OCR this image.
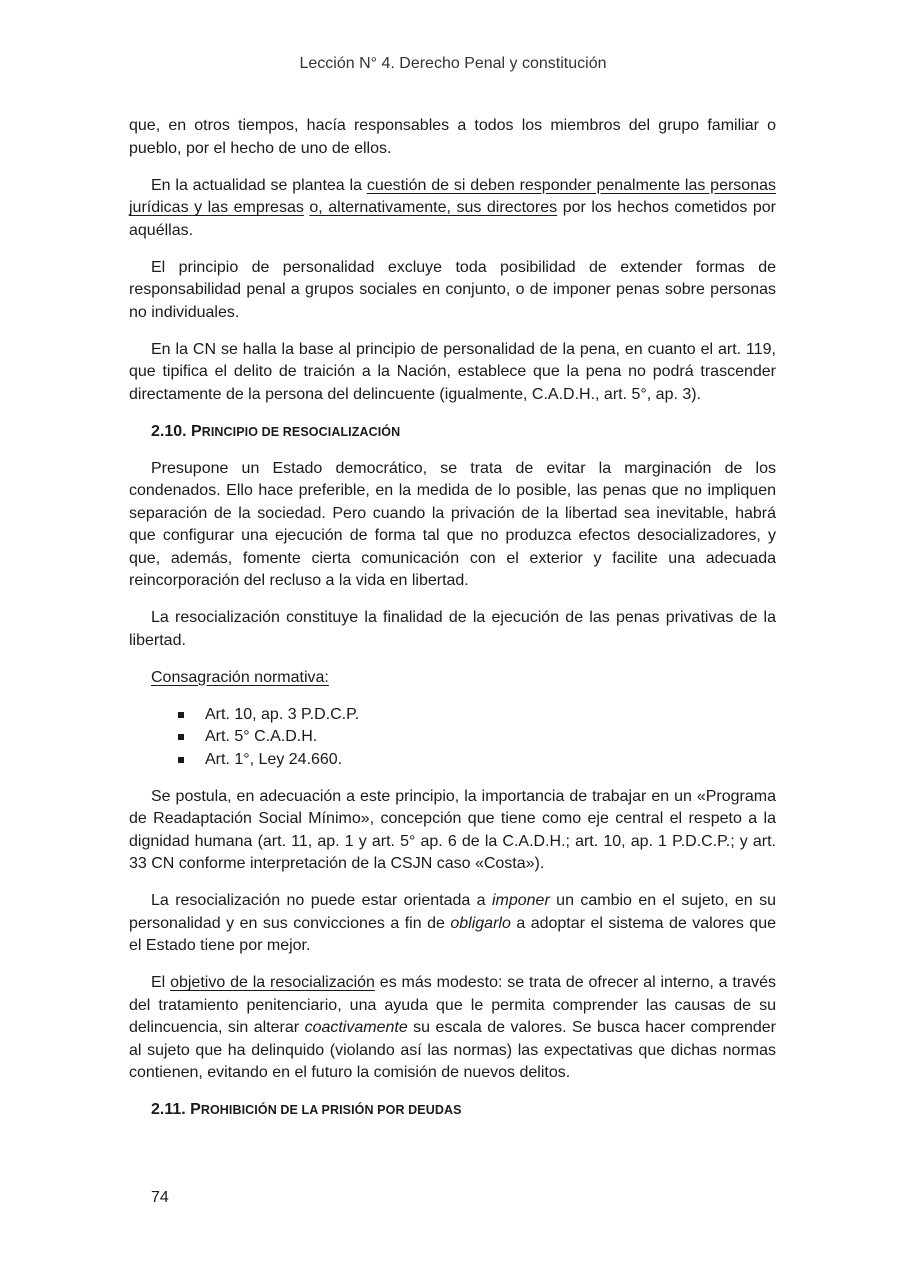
Lección N° 4. Derecho Penal y constitución

que, en otros tiempos, hacía responsables a todos los miembros del grupo familiar o pueblo, por el hecho de uno de ellos.

En la actualidad se plantea la cuestión de si deben responder penalmente las personas jurídicas y las empresas o, alternativamente, sus directores por los hechos cometidos por aquéllas.

El principio de personalidad excluye toda posibilidad de extender formas de responsabilidad penal a grupos sociales en conjunto, o de imponer penas sobre personas no individuales.

En la CN se halla la base al principio de personalidad de la pena, en cuanto el art. 119, que tipifica el delito de traición a la Nación, establece que la pena no podrá trascender directamente de la persona del delincuente (igualmente, C.A.D.H., art. 5°, ap. 3).

2.10. PRINCIPIO DE RESOCIALIZACIÓN

Presupone un Estado democrático, se trata de evitar la marginación de los condenados. Ello hace preferible, en la medida de lo posible, las penas que no impliquen separación de la sociedad. Pero cuando la privación de la libertad sea inevitable, habrá que configurar una ejecución de forma tal que no produzca efectos desocializadores, y que, además, fomente cierta comunicación con el exterior y facilite una adecuada reincorporación del recluso a la vida en libertad.

La resocialización constituye la finalidad de la ejecución de las penas privativas de la libertad.

Consagración normativa:
Art. 10, ap. 3 P.D.C.P.
Art. 5° C.A.D.H.
Art. 1°, Ley 24.660.

Se postula, en adecuación a este principio, la importancia de trabajar en un «Programa de Readaptación Social Mínimo», concepción que tiene como eje central el respeto a la dignidad humana (art. 11, ap. 1 y art. 5° ap. 6 de la C.A.D.H.; art. 10, ap. 1 P.D.C.P.; y art. 33 CN conforme interpretación de la CSJN caso «Costa»).

La resocialización no puede estar orientada a imponer un cambio en el sujeto, en su personalidad y en sus convicciones a fin de obligarlo a adoptar el sistema de valores que el Estado tiene por mejor.

El objetivo de la resocialización es más modesto: se trata de ofrecer al interno, a través del tratamiento penitenciario, una ayuda que le permita comprender las causas de su delincuencia, sin alterar coactivamente su escala de valores. Se busca hacer comprender al sujeto que ha delinquido (violando así las normas) las expectativas que dichas normas contienen, evitando en el futuro la comisión de nuevos delitos.

2.11. PROHIBICIÓN DE LA PRISIÓN POR DEUDAS
74
